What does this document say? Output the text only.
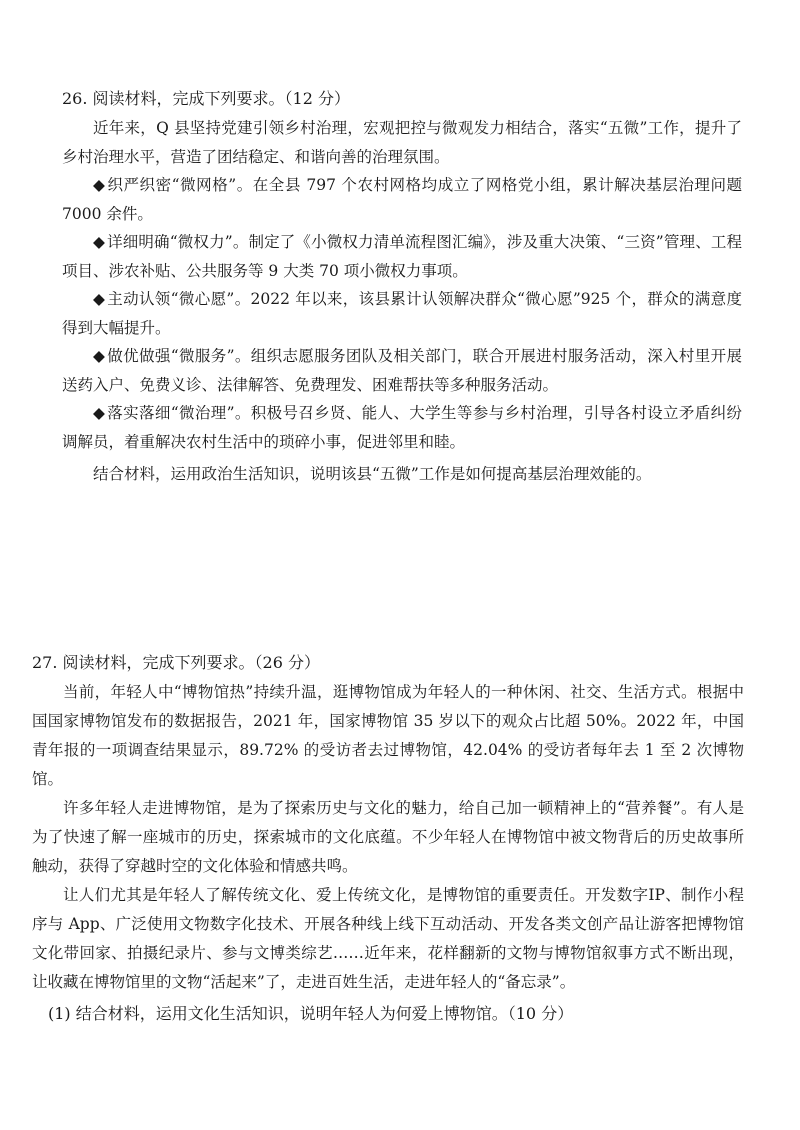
26. 阅读材料，完成下列要求。（12 分）

近年来，Q 县坚持党建引领乡村治理，宏观把控与微观发力相结合，落实“五微”工作，提升了乡村治理水平，营造了团结稳定、和谐向善的治理氛围。

◆ 织严织密“微网格”。在全县 797 个农村网格均成立了网格党小组，累计解决基层治理问题 7000 余件。

◆ 详细明确“微权力”。制定了《小微权力清单流程图汇编》，涉及重大决策、“三资”管理、工程项目、涉农补贴、公共服务等 9 大类 70 项小微权力事项。

◆ 主动认领“微心愿”。2022 年以来，该县累计认领解决群众“微心愿”925 个，群众的满意度得到大幅提升。

◆ 做优做强“微服务”。组织志愿服务团队及相关部门，联合开展进村服务活动，深入村里开展送药入户、免费义诊、法律解答、免费理发、困难帮扶等多种服务活动。

◆ 落实落细“微治理”。积极号召乡贤、能人、大学生等参与乡村治理，引导各村设立矛盾纠纷调解员，着重解决农村生活中的琐碎小事，促进邻里和睦。

结合材料，运用政治生活知识，说明该县“五微”工作是如何提高基层治理效能的。

27. 阅读材料，完成下列要求。（26 分）

当前，年轻人中“博物馆热”持续升温，逛博物馆成为年轻人的一种休闲、社交、生活方式。根据中国国家博物馆发布的数据报告，2021 年，国家博物馆 35 岁以下的观众占比超 50%。2022 年，中国青年报的一项调查结果显示，89.72% 的受访者去过博物馆，42.04% 的受访者每年去 1 至 2 次博物馆。

许多年轻人走进博物馆，是为了探索历史与文化的魅力，给自己加一顿精神上的“营养餐”。有人是为了快速了解一座城市的历史，探索城市的文化底蕴。不少年轻人在博物馆中被文物背后的历史故事所触动，获得了穿越时空的文化体验和情感共鸣。

让人们尤其是年轻人了解传统文化、爱上传统文化，是博物馆的重要责任。开发数字IP、制作小程序与 App、广泛使用文物数字化技术、开展各种线上线下互动活动、开发各类文创产品让游客把博物馆文化带回家、拍摄纪录片、参与文博类综艺……近年来，花样翻新的文物与博物馆叙事方式不断出现，让收藏在博物馆里的文物“活起来”了，走进百姓生活，走进年轻人的“备忘录”。

(1) 结合材料，运用文化生活知识，说明年轻人为何爱上博物馆。（10 分）
